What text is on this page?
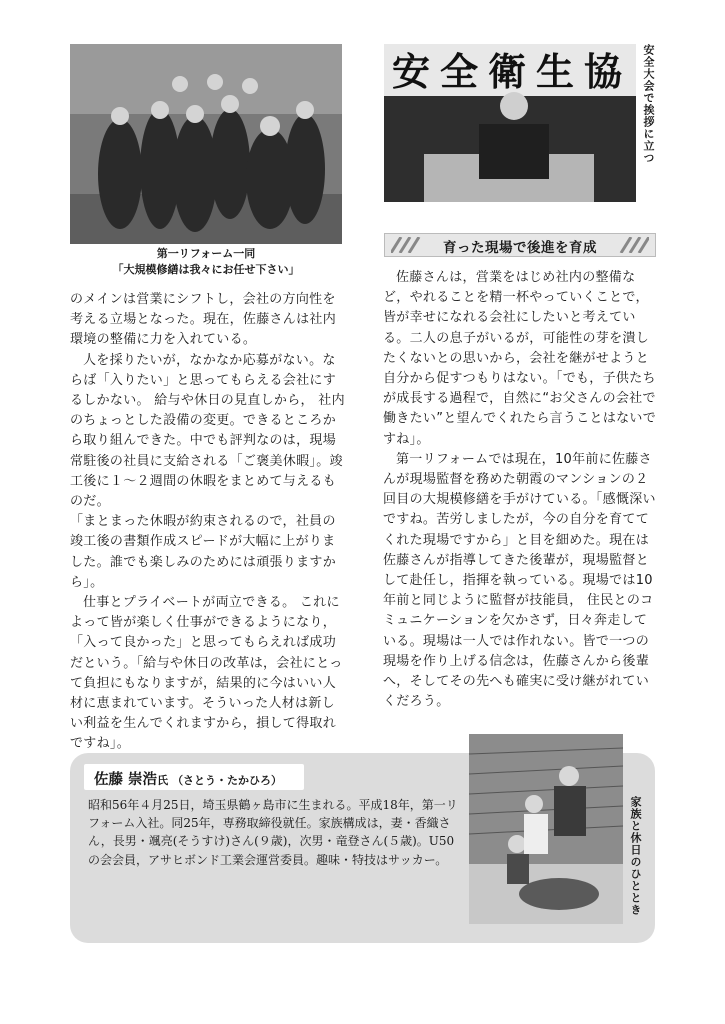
第一リフォーム一同
「大規模修繕は我々にお任せ下さい」
安全衛生協 安全大会で挨拶に立つ
育った現場で後進を育成

のメインは営業にシフトし，会社の方向性を考える立場となった。現在，佐藤さんは社内環境の整備に力を入れている。

人を採りたいが，なかなか応募がない。ならば「入りたい」と思ってもらえる会社にするしかない。 給与や休日の見直しから， 社内のちょっとした設備の変更。できるところから取り組んできた。中でも評判なのは，現場常駐後の社員に支給される「ご褒美休暇」。竣工後に１～２週間の休暇をまとめて与えるものだ。

「まとまった休暇が約束されるので，社員の竣工後の書類作成スピードが大幅に上がりました。誰でも楽しみのためには頑張りますから」。

仕事とプライベートが両立できる。 これによって皆が楽しく仕事ができるようになり，「入って良かった」と思ってもらえれば成功だという。「給与や休日の改革は，会社にとって負担にもなりますが，結果的に今はいい人材に恵まれています。そういった人材は新しい利益を生んでくれますから，損して得取れですね」。

佐藤さんは，営業をはじめ社内の整備など，やれることを精一杯やっていくことで，皆が幸せになれる会社にしたいと考えている。二人の息子がいるが，可能性の芽を潰したくないとの思いから，会社を継がせようと自分から促すつもりはない。「でも，子供たちが成長する過程で，自然に“お父さんの会社で働きたい”と望んでくれたら言うことはないですね」。

第一リフォームでは現在，10年前に佐藤さんが現場監督を務めた朝霞のマンションの２回目の大規模修繕を手がけている。「感慨深いですね。苦労しましたが，今の自分を育ててくれた現場ですから」と目を細めた。現在は佐藤さんが指導してきた後輩が，現場監督として赴任し，指揮を執っている。現場では10年前と同じように監督が技能員， 住民とのコミュニケーションを欠かさず，日々奔走している。現場は一人では作れない。皆で一つの現場を作り上げる信念は，佐藤さんから後輩へ，そしてその先へも確実に受け継がれていくだろう。

佐藤 崇浩氏 （さとう・たかひろ）
昭和56年４月25日，埼玉県鶴ヶ島市に生まれる。平成18年，第一リフォーム入社。同25年，専務取締役就任。家族構成は，妻・香織さん，長男・颯亮(そうすけ)さん(９歳)，次男・竜登さん(５歳)。U50の会会員，アサヒボンド工業会運営委員。趣味・特技はサッカー。	家族と休日のひととき
